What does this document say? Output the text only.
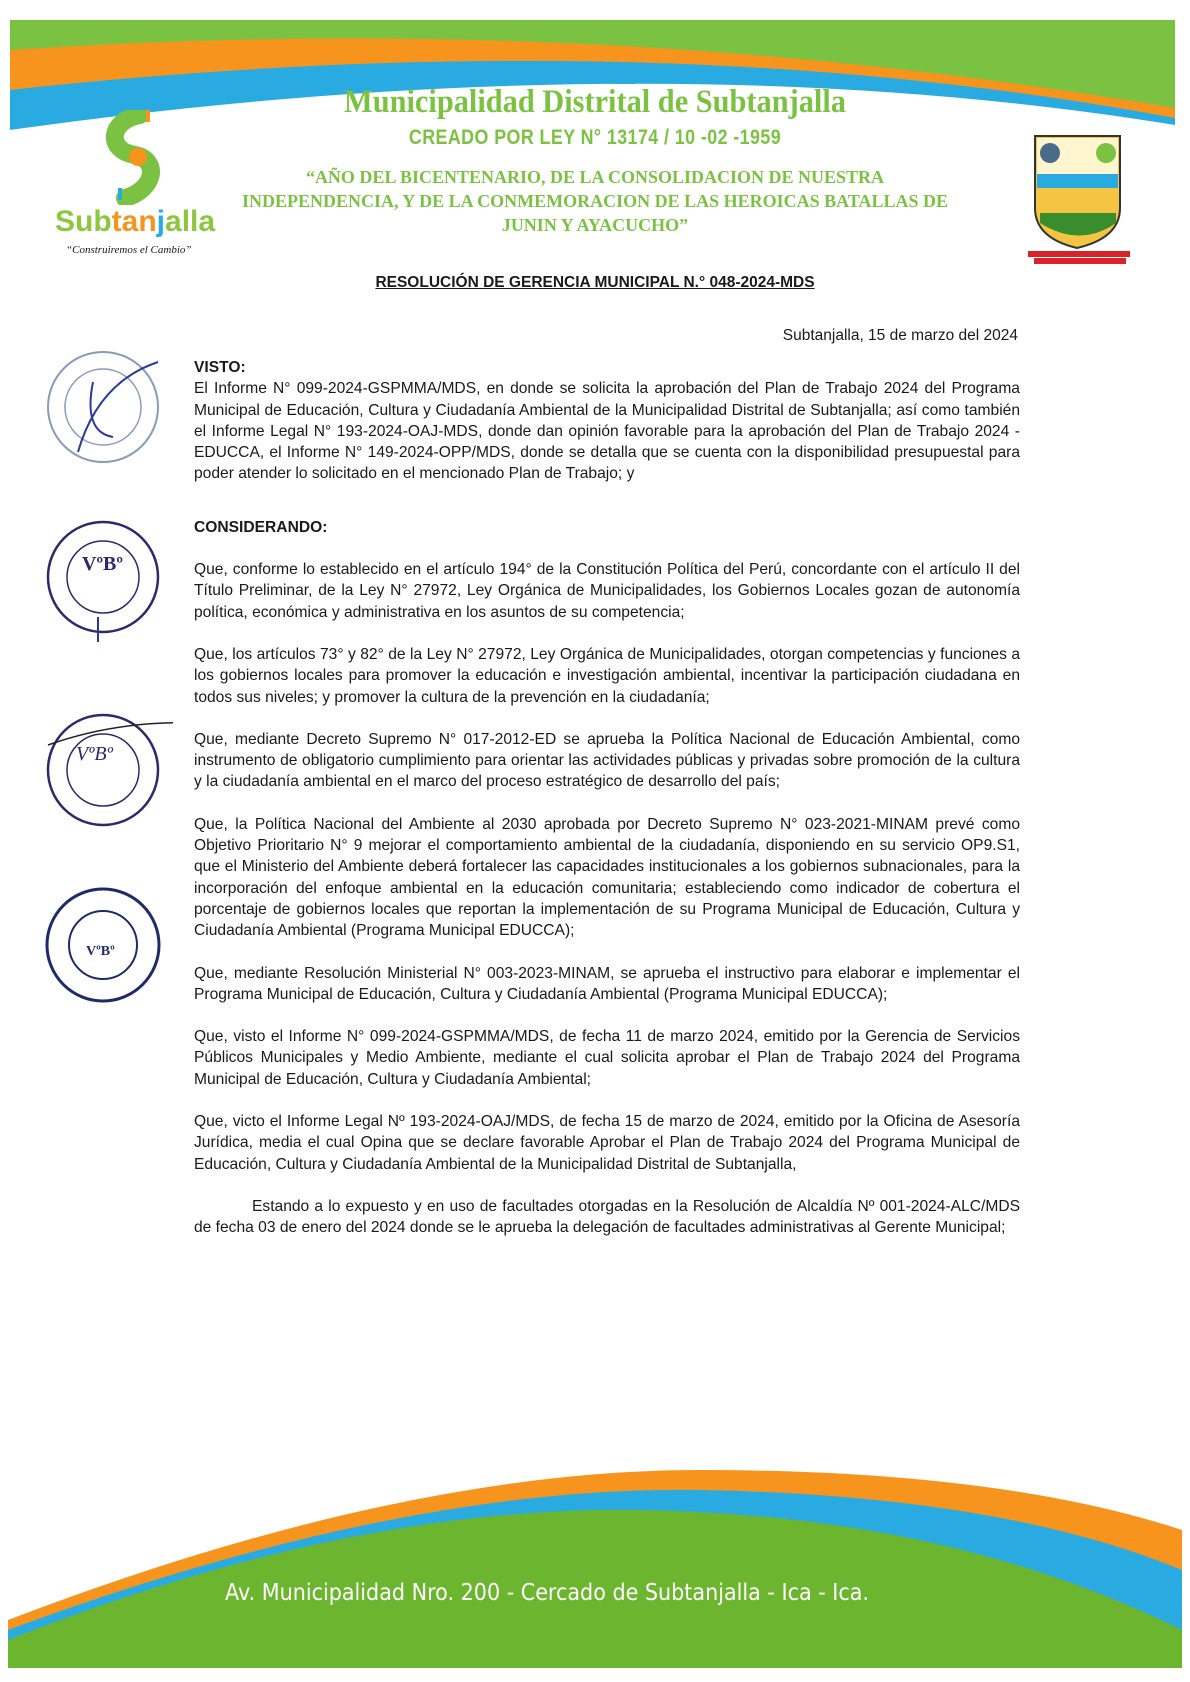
Subtanjalla
“Construiremos el Cambio”
Municipalidad Distrital de Subtanjalla
CREADO POR LEY N° 13174 / 10 -02 -1959
“AÑO DEL BICENTENARIO, DE LA CONSOLIDACION DE NUESTRA INDEPENDENCIA, Y DE LA CONMEMORACION DE LAS HEROICAS BATALLAS DE JUNIN Y AYACUCHO”
RESOLUCIÓN DE GERENCIA MUNICIPAL N.° 048-2024-MDS
Subtanjalla, 15 de marzo del 2024
VºBº
VºBº
VºBº
VISTO:

El Informe N° 099-2024-GSPMMA/MDS, en donde se solicita la aprobación del Plan de Trabajo 2024 del Programa Municipal de Educación, Cultura y Ciudadanía Ambiental de la Municipalidad Distrital de Subtanjalla; así como también el Informe Legal N° 193-2024-OAJ-MDS, donde dan opinión favorable para la aprobación del Plan de Trabajo 2024 - EDUCCA, el Informe N° 149-2024-OPP/MDS, donde se detalla que se cuenta con la disponibilidad presupuestal para poder atender lo solicitado en el mencionado Plan de Trabajo; y

CONSIDERANDO:

Que, conforme lo establecido en el artículo 194° de la Constitución Política del Perú, concordante con el artículo II del Título Preliminar, de la Ley N° 27972, Ley Orgánica de Municipalidades, los Gobiernos Locales gozan de autonomía política, económica y administrativa en los asuntos de su competencia;

Que, los artículos 73° y 82° de la Ley N° 27972, Ley Orgánica de Municipalidades, otorgan competencias y funciones a los gobiernos locales para promover la educación e investigación ambiental, incentivar la participación ciudadana en todos sus niveles; y promover la cultura de la prevención en la ciudadanía;

Que, mediante Decreto Supremo N° 017-2012-ED se aprueba la Política Nacional de Educación Ambiental, como instrumento de obligatorio cumplimiento para orientar las actividades públicas y privadas sobre promoción de la cultura y la ciudadanía ambiental en el marco del proceso estratégico de desarrollo del país;

Que, la Política Nacional del Ambiente al 2030 aprobada por Decreto Supremo N° 023-2021-MINAM prevé como Objetivo Prioritario N° 9 mejorar el comportamiento ambiental de la ciudadanía, disponiendo en su servicio OP9.S1, que el Ministerio del Ambiente deberá fortalecer las capacidades institucionales a los gobiernos subnacionales, para la incorporación del enfoque ambiental en la educación comunitaria; estableciendo como indicador de cobertura el porcentaje de gobiernos locales que reportan la implementación de su Programa Municipal de Educación, Cultura y Ciudadanía Ambiental (Programa Municipal EDUCCA);

Que, mediante Resolución Ministerial N° 003-2023-MINAM, se aprueba el instructivo para elaborar e implementar el Programa Municipal de Educación, Cultura y Ciudadanía Ambiental (Programa Municipal EDUCCA);

Que, visto el Informe N° 099-2024-GSPMMA/MDS, de fecha 11 de marzo 2024, emitido por la Gerencia de Servicios Públicos Municipales y Medio Ambiente, mediante el cual solicita aprobar el Plan de Trabajo 2024 del Programa Municipal de Educación, Cultura y Ciudadanía Ambiental;

Que, victo el Informe Legal Nº 193-2024-OAJ/MDS, de fecha 15 de marzo de 2024, emitido por la Oficina de Asesoría Jurídica, media el cual Opina que se declare favorable Aprobar el Plan de Trabajo 2024 del Programa Municipal de Educación, Cultura y Ciudadanía Ambiental de la Municipalidad Distrital de Subtanjalla,

Estando a lo expuesto y en uso de facultades otorgadas en la Resolución de Alcaldía Nº 001-2024-ALC/MDS de fecha 03 de enero del 2024 donde se le aprueba la delegación de facultades administrativas al Gerente Municipal;

Av. Municipalidad Nro. 200 - Cercado de Subtanjalla - Ica - Ica.
